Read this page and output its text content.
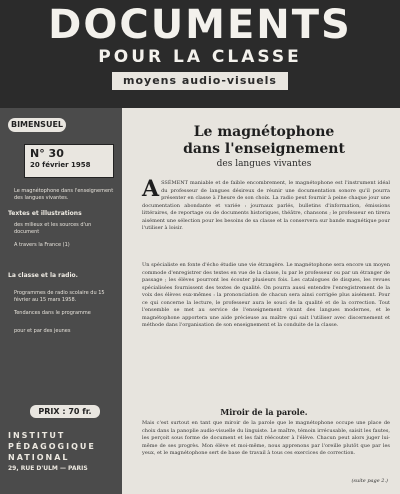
DOCUMENTS
POUR LA CLASSE
moyens audio-visuels
BIMENSUEL
N° 30
20 février 1958
Le magnétophone dans l'enseignement des langues vivantes.
Textes et illustrations
des milieux et les sources d'un document
A travers la France (1)
La classe et la radio.
Programmes de radio scolaire du 15 février au 15 mars 1958.
Tendances dans le programme
pour et par des jeunes
PRIX : 70 fr.
INSTITUT PÉDAGOGIQUE NATIONAL
29, RUE D'ULM — PARIS
Le magnétophone
dans l'enseignement
des langues vivantes
ASSÉMENT maniable et de faible encombrement, le magnétophone est l'instrument idéal du professeur de langues désireux de réunir une documentation sonore qu'il pourra présenter en classe à l'heure de son choix. La radio peut fournir à peine chaque jour une documentation abondante et variée : journaux parlés, bulletins d'information, émissions littéraires, de reportage ou de documents historiques, théâtre, chansons ; le professeur en tirera aisément une sélection pour les besoins de sa classe et la conservera sur bande magnétique pour l'utiliser à loisir.
Un spécialiste en fonte d'écho étudie une vie étrangère. Le magnétophone sera encore un moyen commode d'enregistrer des textes en vue de la classe, lu par le professeur ou par un étranger de passage ; les élèves pourront les écouter plusieurs fois. Les catalogues de disques, les revues spécialisées fournissent des textes de qualité. On pourra aussi entendre l'enregistrement de la voix des élèves eux-mêmes : la prononciation de chacun sera ainsi corrigée plus aisément. Pour ce qui concerne la lecture, le professeur aura le souci de la qualité et de la correction. Tout l'ensemble se met au service de l'enseignement vivant des langues modernes, et le magnétophone apportera une aide précieuse au maître qui sait l'utiliser avec discernement et méthode dans l'organisation de son enseignement et la conduite de la classe.
Miroir de la parole.
Mais c'est surtout en tant que miroir de la parole que le magnétophone occupe une place de choix dans la panoplie audio-visuelle du linguiste. Le maître, témoin irrécusable, saisit les fautes, les perçoit sous forme de document et les fait réécouter à l'élève. Chacun peut alors juger lui-même de ses progrès. Mon élève et moi-même, nous apprenons par l'oreille plutôt que par les yeux, et le magnétophone sert de base de travail à tous ces exercices de correction.
(suite page 2.)
